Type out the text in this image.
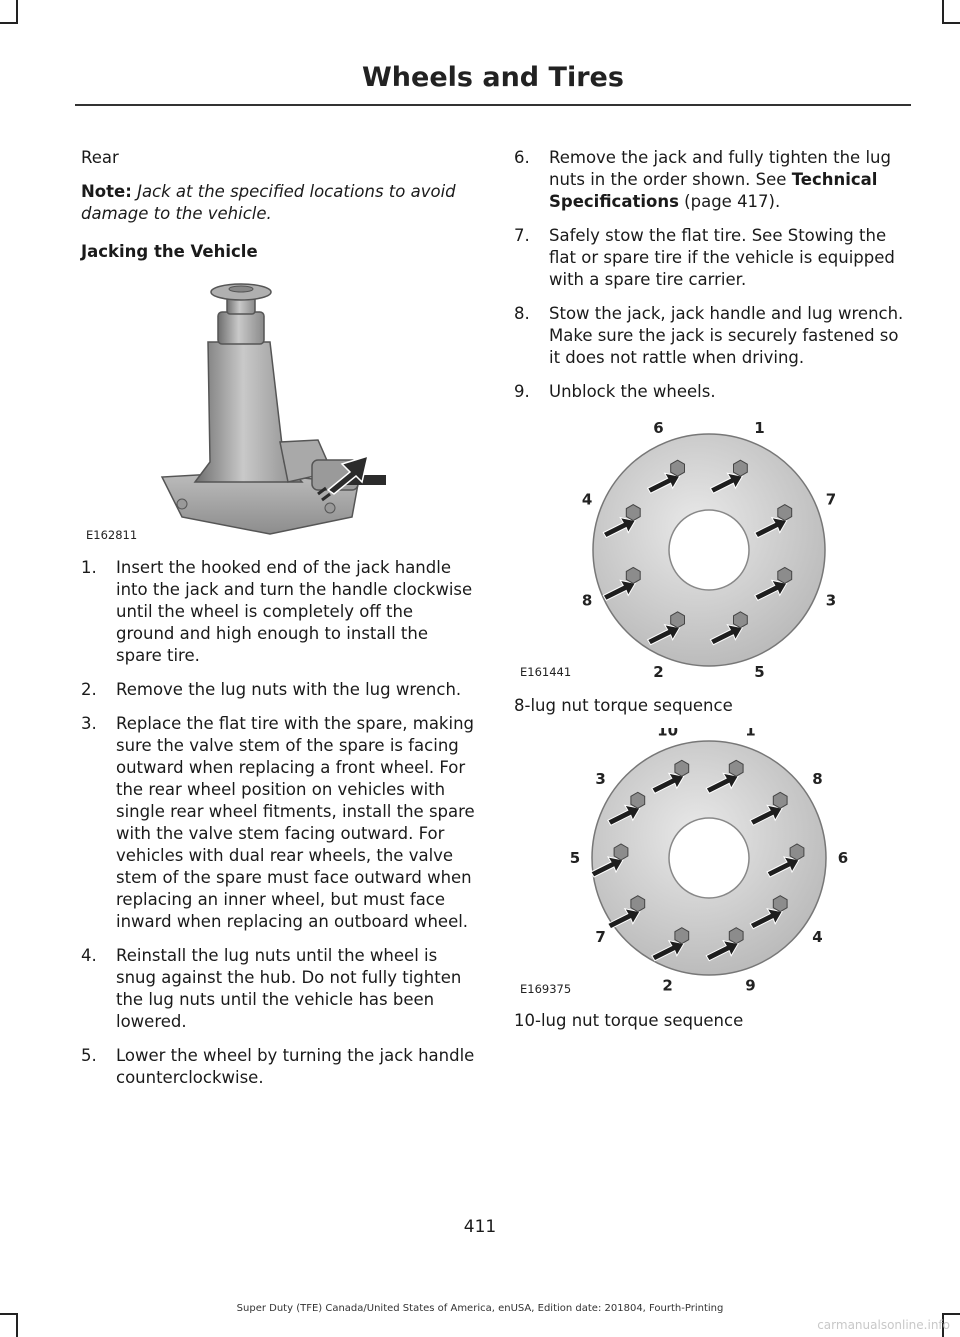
Wheels and Tires

Rear

Note: Jack at the specified locations to avoid damage to the vehicle.

Jacking the Vehicle

E162811
1. Insert the hooked end of the jack handle into the jack and turn the handle clockwise until the wheel is completely off the ground and high enough to install the spare tire.
2. Remove the lug nuts with the lug wrench.
3. Replace the flat tire with the spare, making sure the valve stem of the spare is facing outward when replacing a front wheel. For the rear wheel position on vehicles with single rear wheel fitments, install the spare with the valve stem facing outward. For vehicles with dual rear wheels, the valve stem of the spare must face outward when replacing an inner wheel, but must face inward when replacing an outboard wheel.
4. Reinstall the lug nuts until the wheel is snug against the hub. Do not fully tighten the lug nuts until the vehicle has been lowered.
5. Lower the wheel by turning the jack handle counterclockwise.
6. Remove the jack and fully tighten the lug nuts in the order shown. See Technical Specifications (page 417).
7. Safely stow the flat tire. See Stowing the flat or spare tire if the vehicle is equipped with a spare tire carrier.
8. Stow the jack, jack handle and lug wrench. Make sure the jack is securely fastened so it does not rattle when driving.
9. Unblock the wheels.
1
7
3
5
2
8
4
6
E161441
8-lug nut torque sequence
1
8
6
4
9
2
7
5
3
10
E169375
10-lug nut torque sequence
411
Super Duty (TFE) Canada/United States of America, enUSA, Edition date: 201804, Fourth-Printing
carmanualsonline.info
